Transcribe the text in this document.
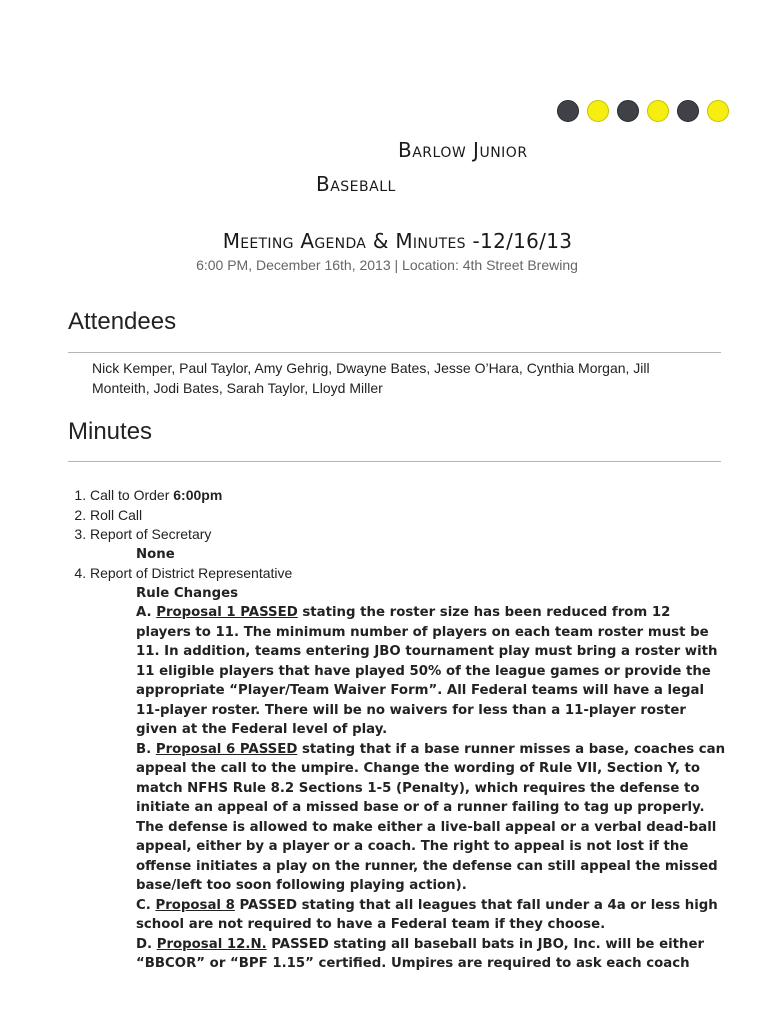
Barlow Junior
Baseball
Meeting Agenda & Minutes -12/16/13
6:00 PM, December 16th, 2013 | Location: 4th Street Brewing
Attendees
Nick Kemper, Paul Taylor, Amy Gehrig, Dwayne Bates, Jesse O’Hara, Cynthia Morgan, Jill Monteith, Jodi Bates, Sarah Taylor, Lloyd Miller
Minutes
1. Call to Order 6:00pm
2. Roll Call
3. Report of Secretary
None
4. Report of District Representative
Rule Changes
A. Proposal 1 PASSED stating the roster size has been reduced from 12 players to 11. The minimum number of players on each team roster must be 11. In addition, teams entering JBO tournament play must bring a roster with 11 eligible players that have played 50% of the league games or provide the appropriate “Player/Team Waiver Form”. All Federal teams will have a legal 11-player roster. There will be no waivers for less than a 11-player roster given at the Federal level of play.
B. Proposal 6 PASSED stating that if a base runner misses a base, coaches can appeal the call to the umpire. Change the wording of Rule VII, Section Y, to match NFHS Rule 8.2 Sections 1-5 (Penalty), which requires the defense to initiate an appeal of a missed base or of a runner failing to tag up properly. The defense is allowed to make either a live-ball appeal or a verbal dead-ball appeal, either by a player or a coach. The right to appeal is not lost if the offense initiates a play on the runner, the defense can still appeal the missed base/left too soon following playing action).
C. Proposal 8 PASSED stating that all leagues that fall under a 4a or less high school are not required to have a Federal team if they choose.
D. Proposal 12.N. PASSED stating all baseball bats in JBO, Inc. will be either “BBCOR” or “BPF 1.15” certified. Umpires are required to ask each coach
